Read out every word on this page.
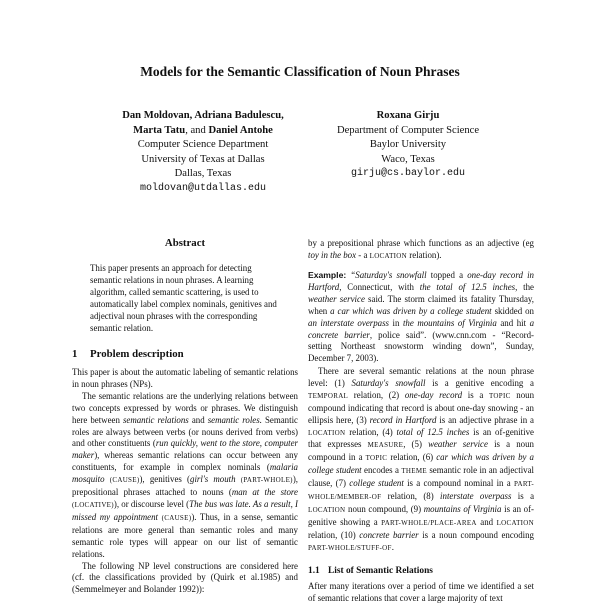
Models for the Semantic Classification of Noun Phrases
Dan Moldovan, Adriana Badulescu,
Marta Tatu, and Daniel Antohe
Computer Science Department
University of Texas at Dallas
Dallas, Texas
moldovan@utdallas.edu
Roxana Girju
Department of Computer Science
Baylor University
Waco, Texas
girju@cs.baylor.edu
Abstract
This paper presents an approach for detecting semantic relations in noun phrases. A learning algorithm, called semantic scattering, is used to automatically label complex nominals, genitives and adjectival noun phrases with the corresponding semantic relation.
1 Problem description

This paper is about the automatic labeling of semantic relations in noun phrases (NPs).

The semantic relations are the underlying relations between two concepts expressed by words or phrases. We distinguish here between semantic relations and semantic roles. Semantic roles are always between verbs (or nouns derived from verbs) and other constituents (run quickly, went to the store, computer maker), whereas semantic relations can occur between any constituents, for example in complex nominals (malaria mosquito (CAUSE)), genitives (girl's mouth (PART-WHOLE)), prepositional phrases attached to nouns (man at the store (LOCATIVE)), or discourse level (The bus was late. As a result, I missed my appointment (CAUSE)). Thus, in a sense, semantic relations are more general than semantic roles and many semantic role types will appear on our list of semantic relations.

The following NP level constructions are considered here (cf. the classifications provided by (Quirk et al.1985) and (Semmelmeyer and Bolander 1992)):

by a prepositional phrase which functions as an adjective (eg toy in the box - a LOCATION relation).
Example: “Saturday's snowfall topped a one-day record in Hartford, Connecticut, with the total of 12.5 inches, the weather service said. The storm claimed its fatality Thursday, when a car which was driven by a college student skidded on an interstate overpass in the mountains of Virginia and hit a concrete barrier, police said”. (www.cnn.com - “Record-setting Northeast snowstorm winding down”, Sunday, December 7, 2003).
There are several semantic relations at the noun phrase level: (1) Saturday's snowfall is a genitive encoding a TEMPORAL relation, (2) one-day record is a TOPIC noun compound indicating that record is about one-day snowing - an ellipsis here, (3) record in Hartford is an adjective phrase in a LOCATION relation, (4) total of 12.5 inches is an of-genitive that expresses MEASURE, (5) weather service is a noun compound in a TOPIC relation, (6) car which was driven by a college student encodes a THEME semantic role in an adjectival clause, (7) college student is a compound nominal in a PART-WHOLE/MEMBER-OF relation, (8) interstate overpass is a LOCATION noun compound, (9) mountains of Virginia is an of-genitive showing a PART-WHOLE/PLACE-AREA and LOCATION relation, (10) concrete barrier is a noun compound encoding PART-WHOLE/STUFF-OF.
1.1 List of Semantic Relations
After many iterations over a period of time we identified a set of semantic relations that cover a large majority of text
